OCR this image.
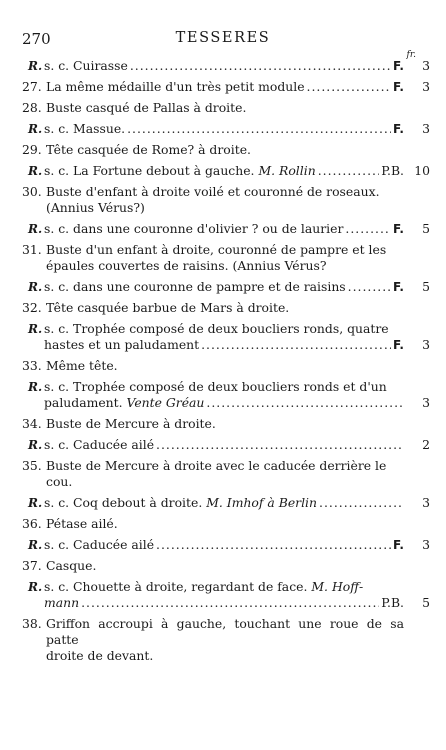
270	TESSERES
fr.
R. s. c. Cuirasse .....	F. 3
27. La même médaille d'un très petit module .....	F. 3
28. Buste casqué de Pallas à droite.
R. s. c. Massue. .....	F. 3
29. Tête casquée de Rome? à droite.
R. s. c. La Fortune debout à gauche. M. Rollin .....	P.B. 10
30. Buste d'enfant à droite voilé et couronné de roseaux.
(Annius Vérus?)
R. s. c. dans une couronne d'olivier ? ou de laurier .....	F. 5
31. Buste d'un enfant à droite, couronné de pampre et les
épaules couvertes de raisins. (Annius Vérus?
R. s. c. dans une couronne de pampre et de raisins .....	F. 5
32. Tête casquée barbue de Mars à droite.
R. s. c. Trophée composé de deux boucliers ronds, quatre
hastes et un paludament .....	F. 3
33. Même tête.
R. s. c. Trophée composé de deux boucliers ronds et d'un
paludament. Vente Gréau .....	3
34. Buste de Mercure à droite.
R. s. c. Caducée ailé .....	2
35. Buste de Mercure à droite avec le caducée derrière le
cou.
R. s. c. Coq debout à droite. M. Imhof à Berlin .....	3
36. Pétase ailé.
R. s. c. Caducée ailé .....	F. 3
37. Casque.
R. s. c. Chouette à droite, regardant de face. M. Hoff-
mann .....	P.B. 5
38. Griffon accroupi à gauche, touchant une roue de sa patte
droite de devant.
